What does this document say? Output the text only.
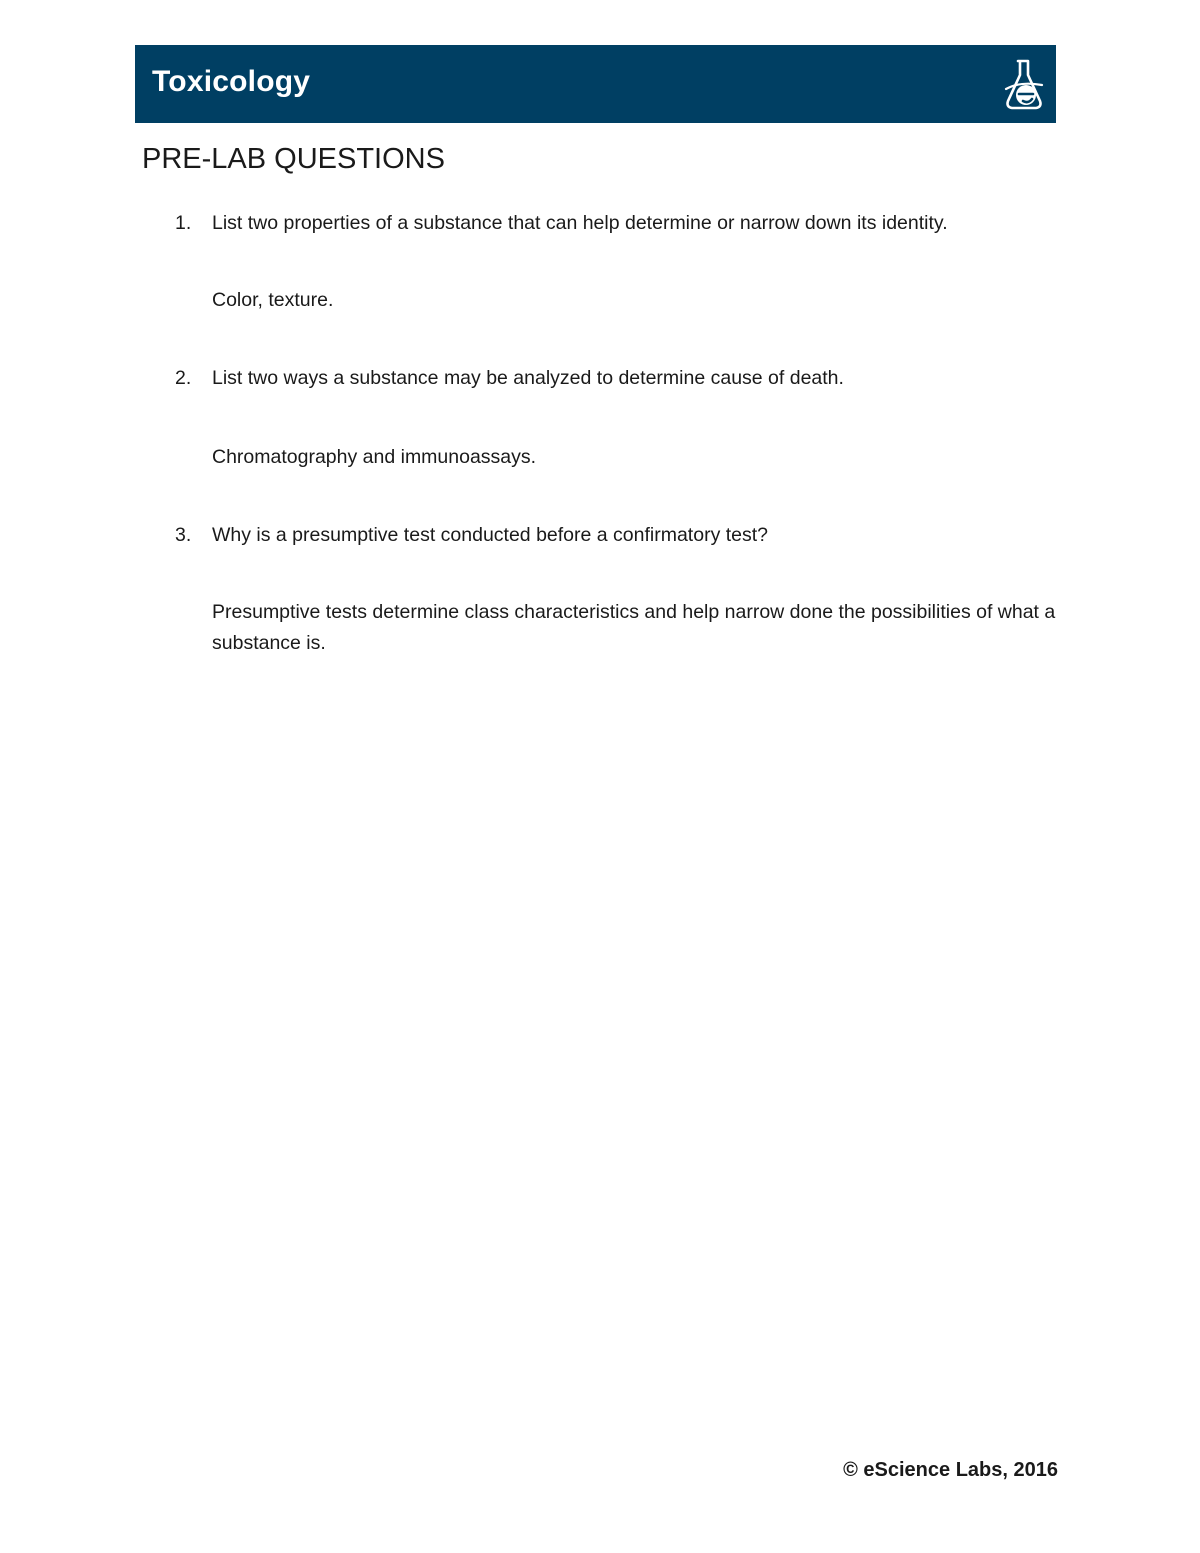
Toxicology
PRE-LAB QUESTIONS
1. List two properties of a substance that can help determine or narrow down its identity.
Color, texture.
2. List two ways a substance may be analyzed to determine cause of death.
Chromatography and immunoassays.
3. Why is a presumptive test conducted before a confirmatory test?
Presumptive tests determine class characteristics and help narrow done the possibilities of what a substance is.
© eScience Labs, 2016
